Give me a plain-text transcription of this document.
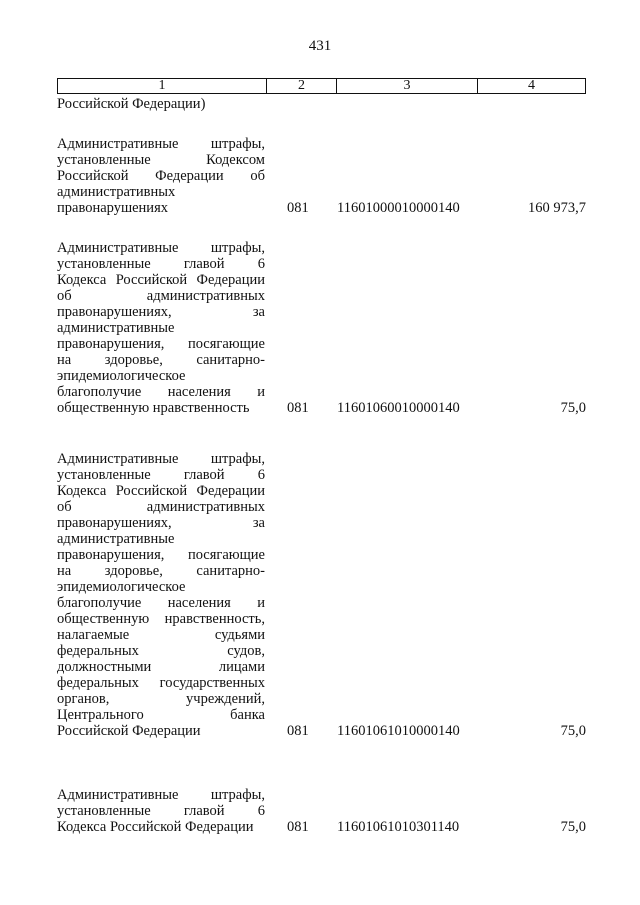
431
1	2	3	4
Российской Федерации)
Административные штрафы,
установленные Кодексом
Российской Федерации об
административных
правонарушениях	081 11601000010000140	160 973,7
Административные штрафы,
установленные главой 6
Кодекса Российской Федерации
об административных
правонарушениях, за
административные
правонарушения, посягающие
на здоровье, санитарно-
эпидемиологическое
благополучие населения и
общественную нравственность	081 11601060010000140	75,0
Административные штрафы,
установленные главой 6
Кодекса Российской Федерации
об административных
правонарушениях, за
административные
правонарушения, посягающие
на здоровье, санитарно-
эпидемиологическое
благополучие населения и
общественную нравственность,
налагаемые судьями
федеральных судов,
должностными лицами
федеральных государственных
органов, учреждений,
Центрального банка
Российской Федерации	081 11601061010000140	75,0
Административные штрафы,
установленные главой 6
Кодекса Российской Федерации	081 11601061010301140	75,0
